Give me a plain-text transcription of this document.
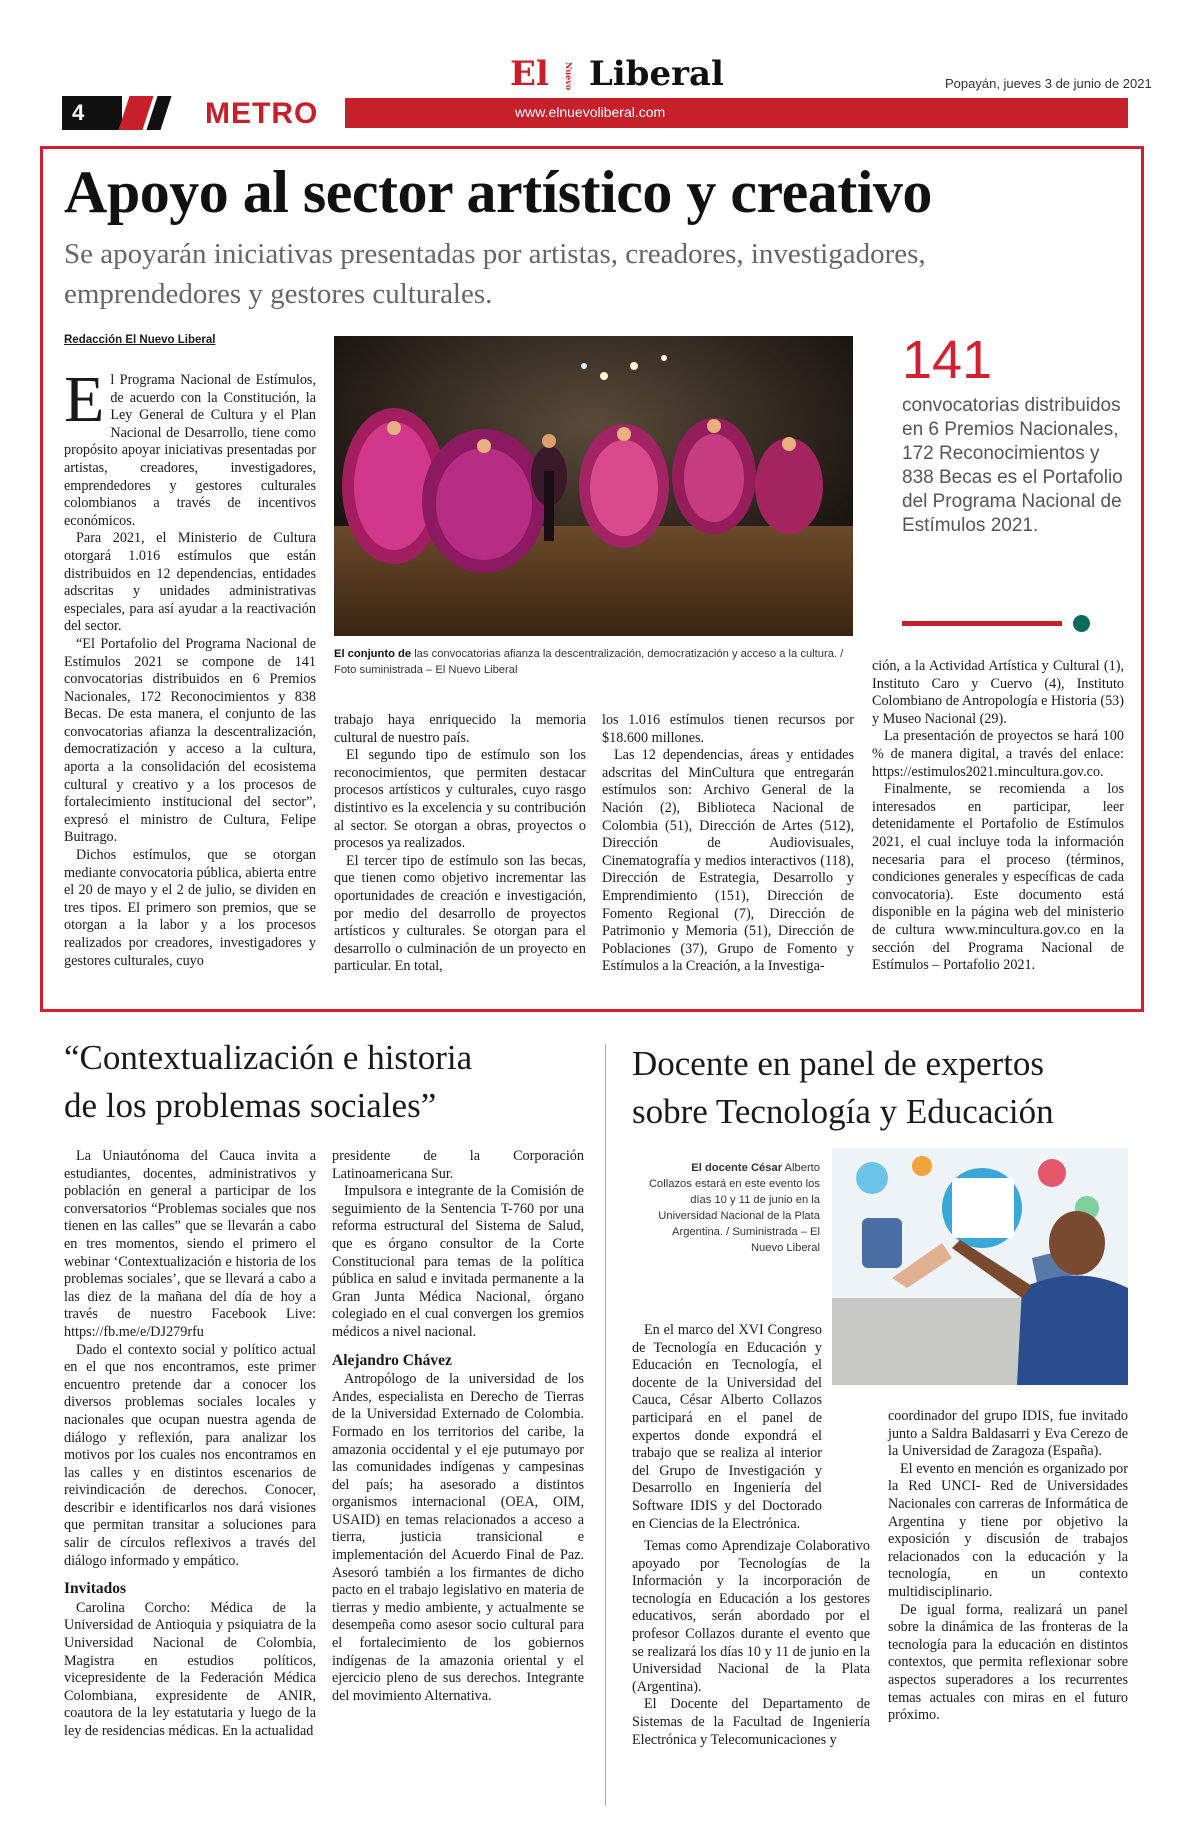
El Nuevo Liberal	Popayán, jueves 3 de junio de 2021
4	METRO	www.elnuevoliberal.com
Apoyo al sector artístico y creativo
Se apoyarán iniciativas presentadas por artistas, creadores, investigadores, emprendedores y gestores culturales.
Redacción El Nuevo Liberal

El Programa Nacional de Estímulos, de acuerdo con la Constitución, la Ley General de Cultura y el Plan Nacional de Desarrollo, tiene como propósito apoyar iniciativas presentadas por artistas, creadores, investigadores, emprendedores y gestores culturales colombianos a través de incentivos económicos.

Para 2021, el Ministerio de Cultura otorgará 1.016 estímulos que están distribuidos en 12 dependencias, entidades adscritas y unidades administrativas especiales, para así ayudar a la reactivación del sector.

“El Portafolio del Programa Nacional de Estímulos 2021 se compone de 141 convocatorias distribuidos en 6 Premios Nacionales, 172 Reconocimientos y 838 Becas. De esta manera, el conjunto de las convocatorias afianza la descentralización, democratización y acceso a la cultura, aporta a la consolidación del ecosistema cultural y creativo y a los procesos de fortalecimiento institucional del sector”, expresó el ministro de Cultura, Felipe Buitrago.

Dichos estímulos, que se otorgan mediante convocatoria pública, abierta entre el 20 de mayo y el 2 de julio, se dividen en tres tipos. El primero son premios, que se otorgan a la labor y a los procesos realizados por creadores, investigadores y gestores culturales, cuyo

El conjunto de las convocatorias afianza la descentralización, democratización y acceso a la cultura. / Foto suministrada – El Nuevo Liberal
141
convocatorias distribuidos en 6 Premios Nacionales, 172 Reconocimientos y 838 Becas es el Portafolio del Programa Nacional de Estímulos 2021.

trabajo haya enriquecido la memoria cultural de nuestro país.

El segundo tipo de estímulo son los reconocimientos, que permiten destacar procesos artísticos y culturales, cuyo rasgo distintivo es la excelencia y su contribución al sector. Se otorgan a obras, proyectos o procesos ya realizados.

El tercer tipo de estímulo son las becas, que tienen como objetivo incrementar las oportunidades de creación e investigación, por medio del desarrollo de proyectos artísticos y culturales. Se otorgan para el desarrollo o culminación de un proyecto en particular. En total,

los 1.016 estímulos tienen recursos por $18.600 millones.

Las 12 dependencias, áreas y entidades adscritas del MinCultura que entregarán estímulos son: Archivo General de la Nación (2), Biblioteca Nacional de Colombia (51), Dirección de Artes (512), Dirección de Audiovisuales, Cinematografía y medios interactivos (118), Dirección de Estrategia, Desarrollo y Emprendimiento (151), Dirección de Fomento Regional (7), Dirección de Patrimonio y Memoria (51), Dirección de Poblaciones (37), Grupo de Fomento y Estímulos a la Creación, a la Investiga-

ción, a la Actividad Artística y Cultural (1), Instituto Caro y Cuervo (4), Instituto Colombiano de Antropología e Historia (53) y Museo Nacional (29).

La presentación de proyectos se hará 100 % de manera digital, a través del enlace: https://estimulos2021.mincultura.gov.co.

Finalmente, se recomienda a los interesados en participar, leer detenidamente el Portafolio de Estímulos 2021, el cual incluye toda la información necesaria para el proceso (términos, condiciones generales y específicas de cada convocatoria). Este documento está disponible en la página web del ministerio de cultura www.mincultura.gov.co en la sección del Programa Nacional de Estímulos – Portafolio 2021.

“Contextualización e historia
de los problemas sociales”

La Uniautónoma del Cauca invita a estudiantes, docentes, administrativos y población en general a participar de los conversatorios “Problemas sociales que nos tienen en las calles” que se llevarán a cabo en tres momentos, siendo el primero el webinar ‘Contextualización e historia de los problemas sociales’, que se llevará a cabo a las diez de la mañana del día de hoy a través de nuestro Facebook Live: https://fb.me/e/DJ279rfu

Dado el contexto social y político actual en el que nos encontramos, este primer encuentro pretende dar a conocer los diversos problemas sociales locales y nacionales que ocupan nuestra agenda de diálogo y reflexión, para analizar los motivos por los cuales nos encontramos en las calles y en distintos escenarios de reivindicación de derechos. Conocer, describir e identificarlos nos dará visiones que permitan transitar a soluciones para salir de círculos reflexivos a través del diálogo informado y empático.

Invitados

Carolina Corcho: Médica de la Universidad de Antioquia y psiquiatra de la Universidad Nacional de Colombia, Magistra en estudios políticos, vicepresidente de la Federación Médica Colombiana, expresidente de ANIR, coautora de la ley estatutaria y luego de la ley de residencias médicas. En la actualidad

presidente de la Corporación Latinoamericana Sur.

Impulsora e integrante de la Comisión de seguimiento de la Sentencia T-760 por una reforma estructural del Sistema de Salud, que es órgano consultor de la Corte Constitucional para temas de la política pública en salud e invitada permanente a la Gran Junta Médica Nacional, órgano colegiado en el cual convergen los gremios médicos a nivel nacional.

Alejandro Chávez

Antropólogo de la universidad de los Andes, especialista en Derecho de Tierras de la Universidad Externado de Colombia. Formado en los territorios del caribe, la amazonia occidental y el eje putumayo por las comunidades indígenas y campesinas del país; ha asesorado a distintos organismos internacional (OEA, OIM, USAID) en temas relacionados a acceso a tierra, justicia transicional e implementación del Acuerdo Final de Paz. Asesoró también a los firmantes de dicho pacto en el trabajo legislativo en materia de tierras y medio ambiente, y actualmente se desempeña como asesor socio cultural para el fortalecimiento de los gobiernos indígenas de la amazonia oriental y el ejercicio pleno de sus derechos. Integrante del movimiento Alternativa.

Docente en panel de expertos
sobre Tecnología y Educación
El docente César Alberto Collazos estará en este evento los días 10 y 11 de junio en la Universidad Nacional de la Plata Argentina. / Suministrada – El Nuevo Liberal

En el marco del XVI Congreso de Tecnología en Educación y Educación en Tecnología, el docente de la Universidad del Cauca, César Alberto Collazos participará en el panel de expertos donde expondrá el trabajo que se realiza al interior del Grupo de Investigación y Desarrollo en Ingeniería del Software IDIS y del Doctorado en Ciencias de la Electrónica.

Temas como Aprendizaje Colaborativo apoyado por Tecnologías de la Información y la incorporación de tecnología en Educación a los gestores educativos, serán abordado por el profesor Collazos durante el evento que se realizará los días 10 y 11 de junio en la Universidad Nacional de la Plata (Argentina).

El Docente del Departamento de Sistemas de la Facultad de Ingeniería Electrónica y Telecomunicaciones y

coordinador del grupo IDIS, fue invitado junto a Saldra Baldasarri y Eva Cerezo de la Universidad de Zaragoza (España).

El evento en mención es organizado por la Red UNCI- Red de Universidades Nacionales con carreras de Informática de Argentina y tiene por objetivo la exposición y discusión de trabajos relacionados con la educación y la tecnología, en un contexto multidisciplinario.

De igual forma, realizará un panel sobre la dinámica de las fronteras de la tecnología para la educación en distintos contextos, que permita reflexionar sobre aspectos superadores a los recurrentes temas actuales con miras en el futuro próximo.
